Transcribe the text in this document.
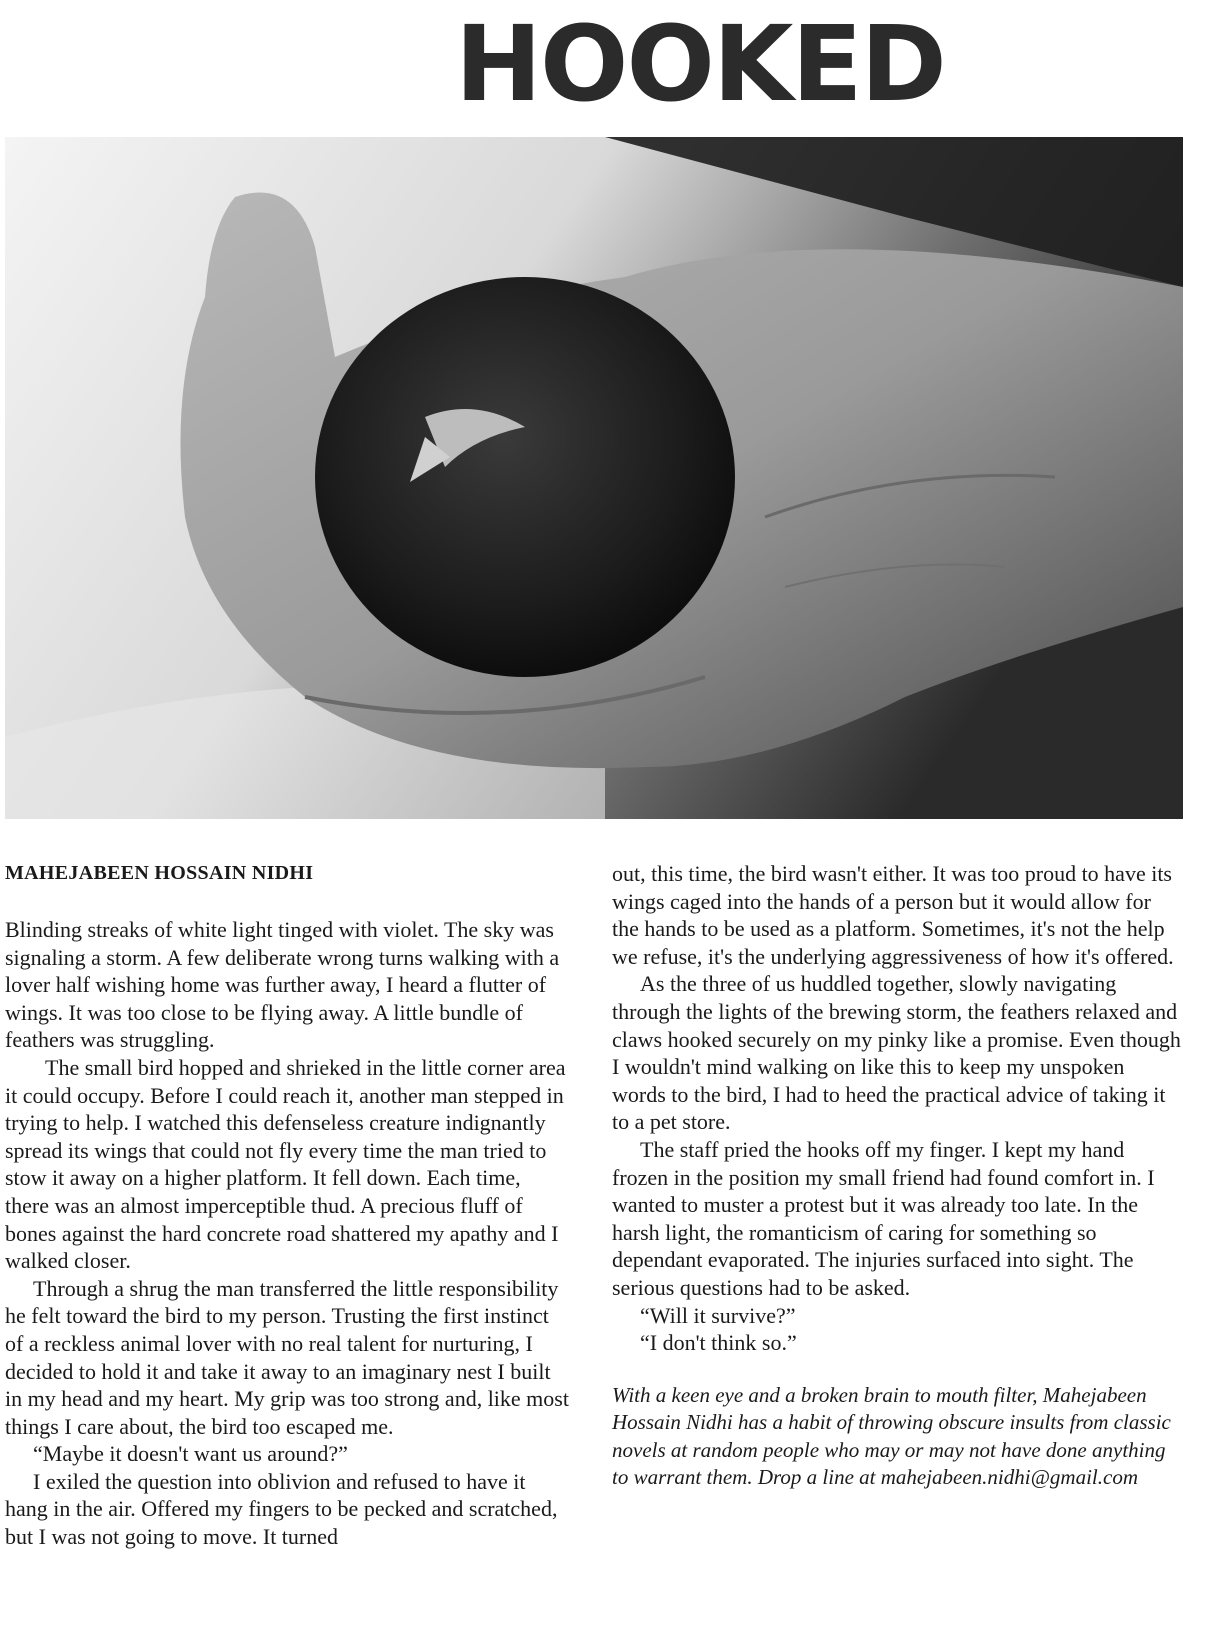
HOOKED
MAHEJABEEN HOSSAIN NIDHI

Blinding streaks of white light tinged with violet. The sky was signaling a storm. A few deliberate wrong turns walking with a lover half wishing home was further away, I heard a flutter of wings. It was too close to be flying away. A little bundle of feathers was struggling.

The small bird hopped and shrieked in the little corner area it could occupy. Before I could reach it, another man stepped in trying to help. I watched this defenseless creature indignantly spread its wings that could not fly every time the man tried to stow it away on a higher platform. It fell down. Each time, there was an almost imperceptible thud. A precious fluff of bones against the hard concrete road shattered my apathy and I walked closer.

Through a shrug the man transferred the little responsibility he felt toward the bird to my person. Trusting the first instinct of a reckless animal lover with no real talent for nurturing, I decided to hold it and take it away to an imaginary nest I built in my head and my heart. My grip was too strong and, like most things I care about, the bird too escaped me.

“Maybe it doesn't want us around?”

I exiled the question into oblivion and refused to have it hang in the air. Offered my fingers to be pecked and scratched, but I was not going to move. It turned

out, this time, the bird wasn't either. It was too proud to have its wings caged into the hands of a person but it would allow for the hands to be used as a platform. Sometimes, it's not the help we refuse, it's the underlying aggressiveness of how it's offered.

As the three of us huddled together, slowly navigating through the lights of the brewing storm, the feathers relaxed and claws hooked securely on my pinky like a promise. Even though I wouldn't mind walking on like this to keep my unspoken words to the bird, I had to heed the practical advice of taking it to a pet store.

The staff pried the hooks off my finger. I kept my hand frozen in the position my small friend had found comfort in. I wanted to muster a protest but it was already too late. In the harsh light, the romanticism of caring for something so dependant evaporated. The injuries surfaced into sight. The serious questions had to be asked.

“Will it survive?”

“I don't think so.”

With a keen eye and a broken brain to mouth filter, Mahejabeen Hossain Nidhi has a habit of throwing obscure insults from classic novels at random people who may or may not have done anything to warrant them. Drop a line at mahejabeen.nidhi@gmail.com
